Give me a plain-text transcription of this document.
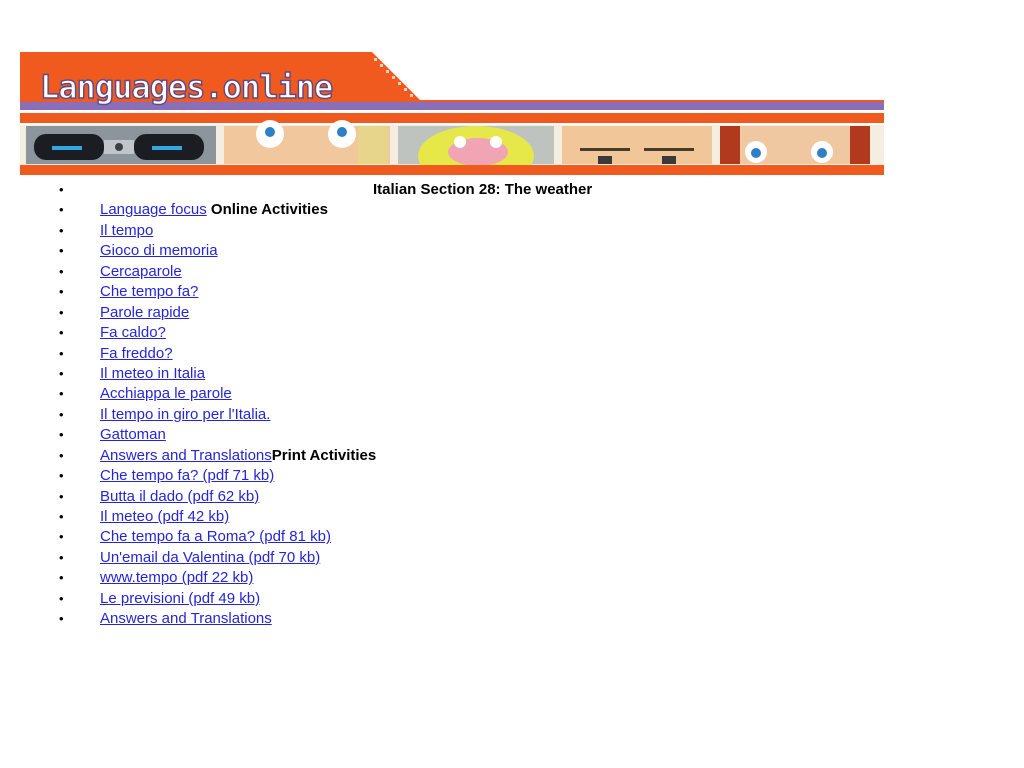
Languages.online
•	Italian Section 28: The weather
• Language focus Online Activities
• Il tempo
• Gioco di memoria
• Cercaparole
• Che tempo fa?
• Parole rapide
• Fa caldo?
• Fa freddo?
• Il meteo in Italia
• Acchiappa le parole
• Il tempo in giro per l'Italia.
• Gattoman
• Answers and TranslationsPrint Activities
• Che tempo fa? (pdf 71 kb)
• Butta il dado (pdf 62 kb)
• Il meteo (pdf 42 kb)
• Che tempo fa a Roma? (pdf 81 kb)
• Un'email da Valentina (pdf 70 kb)
• www.tempo (pdf 22 kb)
• Le previsioni (pdf 49 kb)
• Answers and Translations
